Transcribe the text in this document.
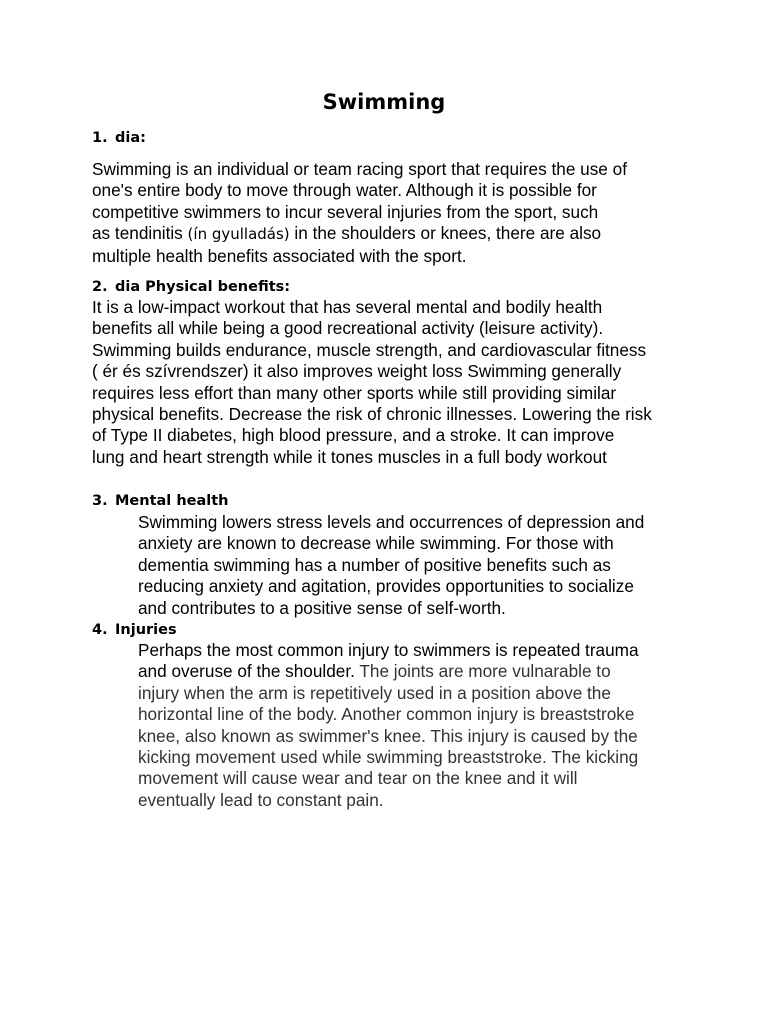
Swimming
1. dia:

Swimming is an individual or team racing sport that requires the use of
one's entire body to move through water. Although it is possible for
competitive swimmers to incur several injuries from the sport, such
as tendinitis (ín gyulladás) in the shoulders or knees, there are also
multiple health benefits associated with the sport.

2. dia Physical benefits:

It is a low-impact workout that has several mental and bodily health
benefits all while being a good recreational activity (leisure activity).
Swimming builds endurance, muscle strength, and cardiovascular fitness
( ér és szívrendszer) it also improves weight loss Swimming generally
requires less effort than many other sports while still providing similar
physical benefits. Decrease the risk of chronic illnesses. Lowering the risk
of Type II diabetes, high blood pressure, and a stroke. It can improve
lung and heart strength while it tones muscles in a full body workout

3. Mental health

Swimming lowers stress levels and occurrences of depression and
anxiety are known to decrease while swimming. For those with
dementia swimming has a number of positive benefits such as
reducing anxiety and agitation, provides opportunities to socialize
and contributes to a positive sense of self-worth.

4. Injuries

Perhaps the most common injury to swimmers is repeated trauma
and overuse of the shoulder. The joints are more vulnarable to
injury when the arm is repetitively used in a position above the
horizontal line of the body. Another common injury is breaststroke
knee, also known as swimmer's knee. This injury is caused by the
kicking movement used while swimming breaststroke. The kicking
movement will cause wear and tear on the knee and it will
eventually lead to constant pain.
